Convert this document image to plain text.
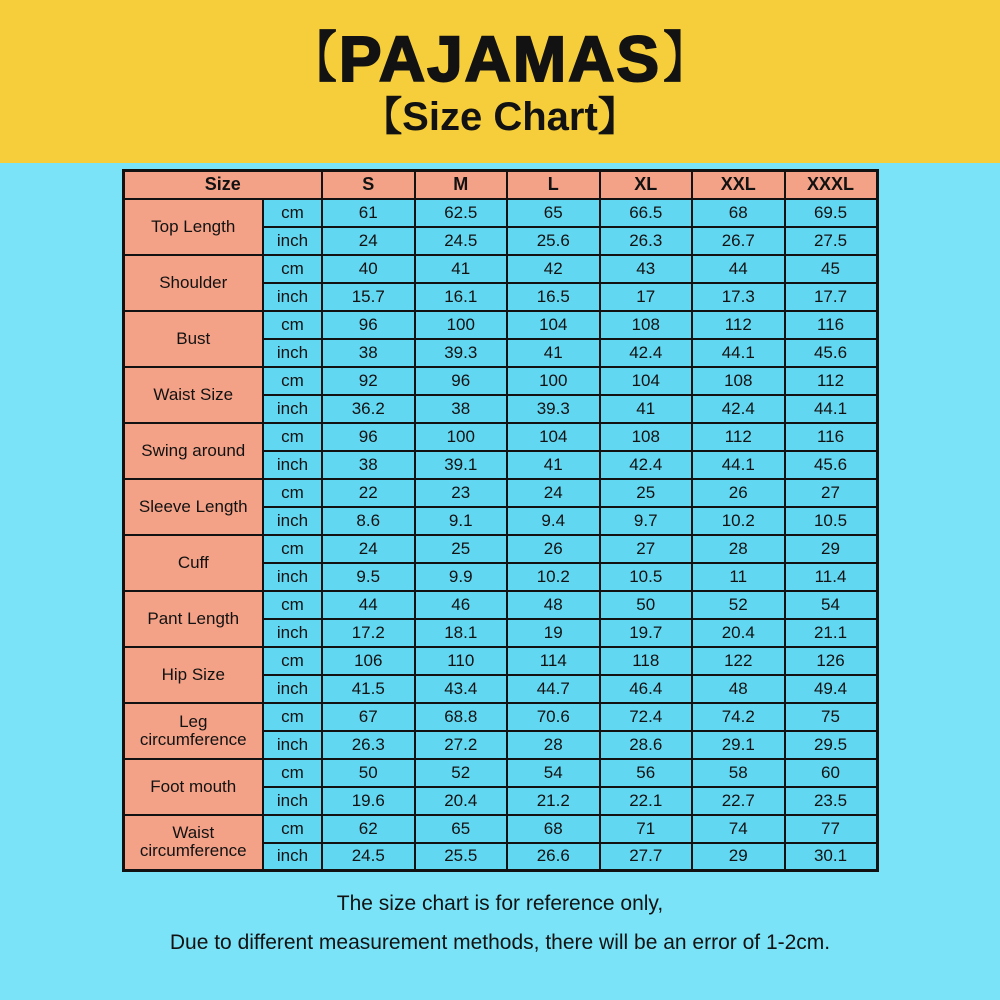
【 PAJAMAS 】
【Size Chart】
Size		S	M	L	XL	XXL	XXXL
Top Length	cm	61	62.5	65	66.5	68	69.5
	inch	24	24.5	25.6	26.3	26.7	27.5
Shoulder	cm	40	41	42	43	44	45
	inch	15.7	16.1	16.5	17	17.3	17.7
Bust	cm	96	100	104	108	112	116
	inch	38	39.3	41	42.4	44.1	45.6
Waist Size	cm	92	96	100	104	108	112
	inch	36.2	38	39.3	41	42.4	44.1
Swing around	cm	96	100	104	108	112	116
	inch	38	39.1	41	42.4	44.1	45.6
Sleeve Length	cm	22	23	24	25	26	27
	inch	8.6	9.1	9.4	9.7	10.2	10.5
Cuff	cm	24	25	26	27	28	29
	inch	9.5	9.9	10.2	10.5	11	11.4
Pant Length	cm	44	46	48	50	52	54
	inch	17.2	18.1	19	19.7	20.4	21.1
Hip Size	cm	106	110	114	118	122	126
	inch	41.5	43.4	44.7	46.4	48	49.4
Leg circumference	cm	67	68.8	70.6	72.4	74.2	75
	inch	26.3	27.2	28	28.6	29.1	29.5
Foot mouth	cm	50	52	54	56	58	60
	inch	19.6	20.4	21.2	22.1	22.7	23.5
Waist circumference	cm	62	65	68	71	74	77
	inch	24.5	25.5	26.6	27.7	29	30.1
The size chart is for reference only,
Due to different measurement methods, there will be an error of 1-2cm.
